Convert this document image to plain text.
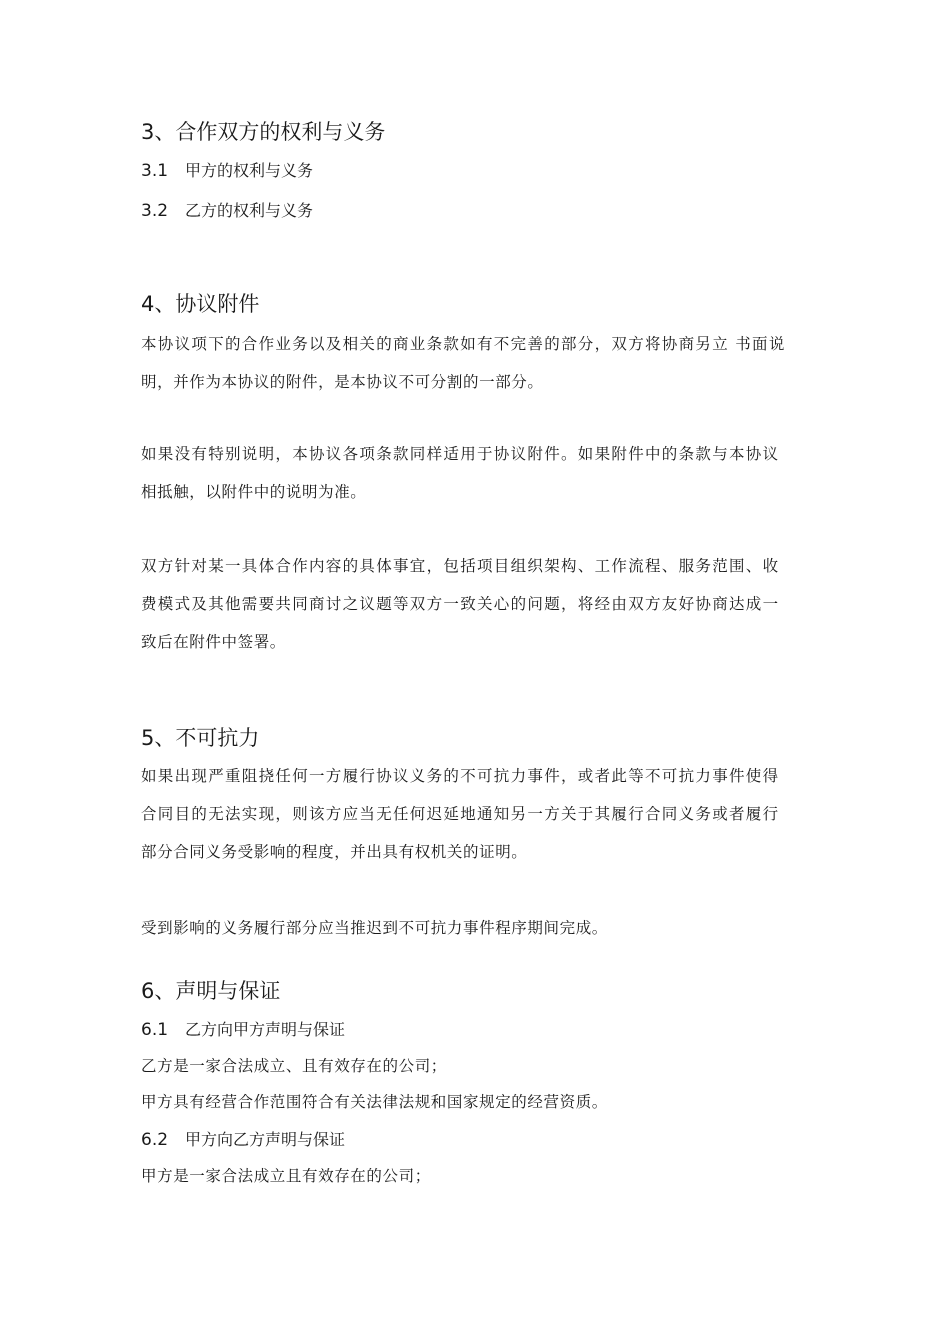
3、合作双方的权利与义务
3.1 甲方的权利与义务
3.2 乙方的权利与义务
4、协议附件
本协议项下的合作业务以及相关的商业条款如有不完善的部分，双方将协商另立 书面说
明，并作为本协议的附件，是本协议不可分割的一部分。
如果没有特别说明，本协议各项条款同样适用于协议附件。如果附件中的条款与本协议
相抵触，以附件中的说明为准。
双方针对某一具体合作内容的具体事宜，包括项目组织架构、工作流程、服务范围、收
费模式及其他需要共同商讨之议题等双方一致关心的问题，将经由双方友好协商达成一
致后在附件中签署。
5、不可抗力
如果出现严重阻挠任何一方履行协议义务的不可抗力事件，或者此等不可抗力事件使得
合同目的无法实现，则该方应当无任何迟延地通知另一方关于其履行合同义务或者履行
部分合同义务受影响的程度，并出具有权机关的证明。
受到影响的义务履行部分应当推迟到不可抗力事件程序期间完成。
6、声明与保证
6.1 乙方向甲方声明与保证
乙方是一家合法成立、且有效存在的公司；
甲方具有经营合作范围符合有关法律法规和国家规定的经营资质。
6.2 甲方向乙方声明与保证
甲方是一家合法成立且有效存在的公司；
